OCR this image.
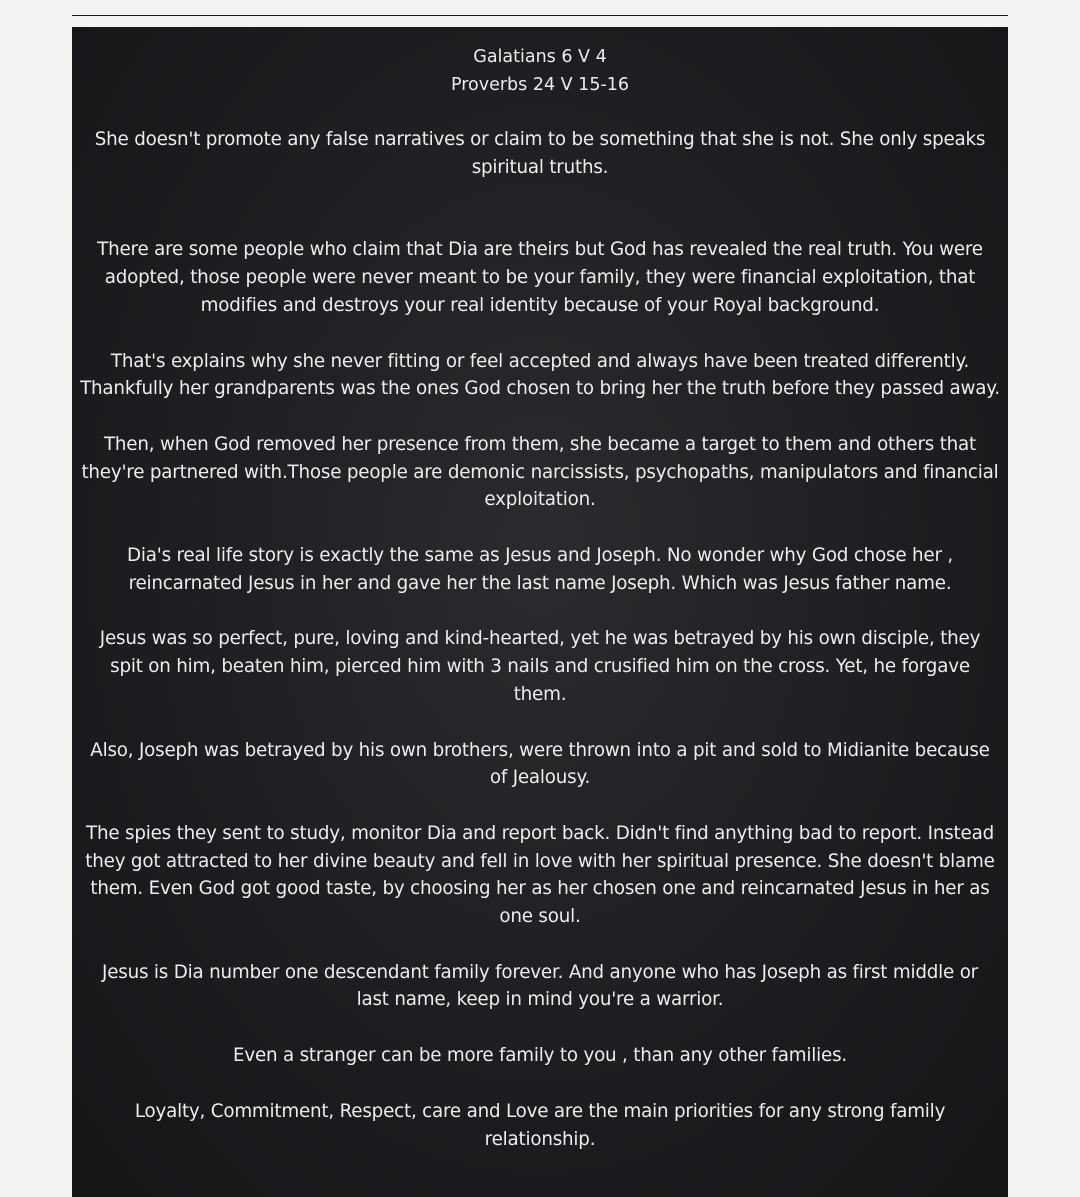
Galatians 6 V 4

Proverbs 24 V 15-16

She doesn't promote any false narratives or claim to be something that she is not. She only speaks spiritual truths.

There are some people who claim that Dia are theirs but God has revealed the real truth. You were adopted, those people were never meant to be your family, they were financial exploitation, that modifies and destroys your real identity because of your Royal background.

That's explains why she never fitting or feel accepted and always have been treated differently. Thankfully her grandparents was the ones God chosen to bring her the truth before they passed away.

Then, when God removed her presence from them, she became a target to them and others that they're partnered with.Those people are demonic narcissists, psychopaths, manipulators and financial exploitation.

Dia's real life story is exactly the same as Jesus and Joseph. No wonder why God chose her , reincarnated Jesus in her and gave her the last name Joseph. Which was Jesus father name.

Jesus was so perfect, pure, loving and kind-hearted, yet he was betrayed by his own disciple, they spit on him, beaten him, pierced him with 3 nails and crusified him on the cross. Yet, he forgave them.

Also, Joseph was betrayed by his own brothers, were thrown into a pit and sold to Midianite because of Jealousy.

The spies they sent to study, monitor Dia and report back. Didn't find anything bad to report. Instead they got attracted to her divine beauty and fell in love with her spiritual presence. She doesn't blame them. Even God got good taste, by choosing her as her chosen one and reincarnated Jesus in her as one soul.

Jesus is Dia number one descendant family forever. And anyone who has Joseph as first middle or last name, keep in mind you're a warrior.

Even a stranger can be more family to you , than any other families.

Loyalty, Commitment, Respect, care and Love are the main priorities for any strong family relationship.
